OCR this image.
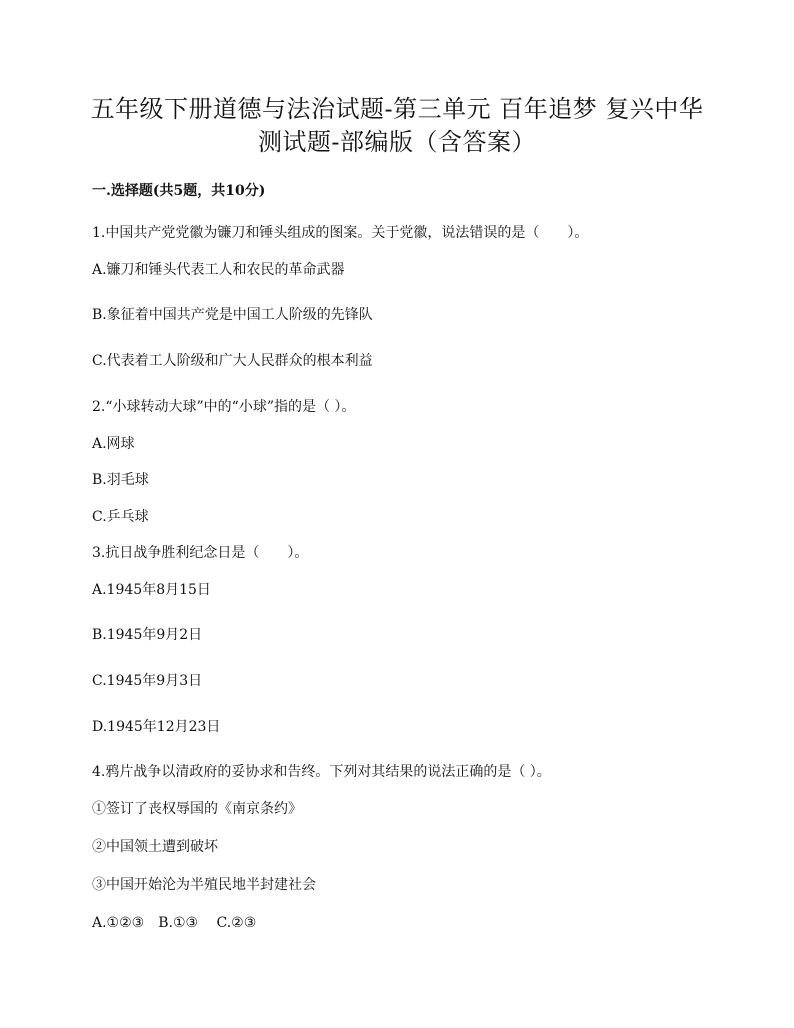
五年级下册道德与法治试题-第三单元 百年追梦 复兴中华
测试题-部编版（含答案）
一.选择题(共5题，共10分)
1.中国共产党党徽为镰刀和锤头组成的图案。关于党徽，说法错误的是（　　）。
A.镰刀和锤头代表工人和农民的革命武器
B.象征着中国共产党是中国工人阶级的先锋队
C.代表着工人阶级和广大人民群众的根本利益
2.“小球转动大球”中的“小球”指的是（ ）。
A.网球
B.羽毛球
C.乒乓球
3.抗日战争胜利纪念日是（　　）。
A.1945年8月15日
B.1945年9月2日
C.1945年9月3日
D.1945年12月23日
4.鸦片战争以清政府的妥协求和告终。下列对其结果的说法正确的是（ ）。
①签订了丧权辱国的《南京条约》
②中国领土遭到破坏
③中国开始沦为半殖民地半封建社会
A.①②③　B.①③　 C.②③
